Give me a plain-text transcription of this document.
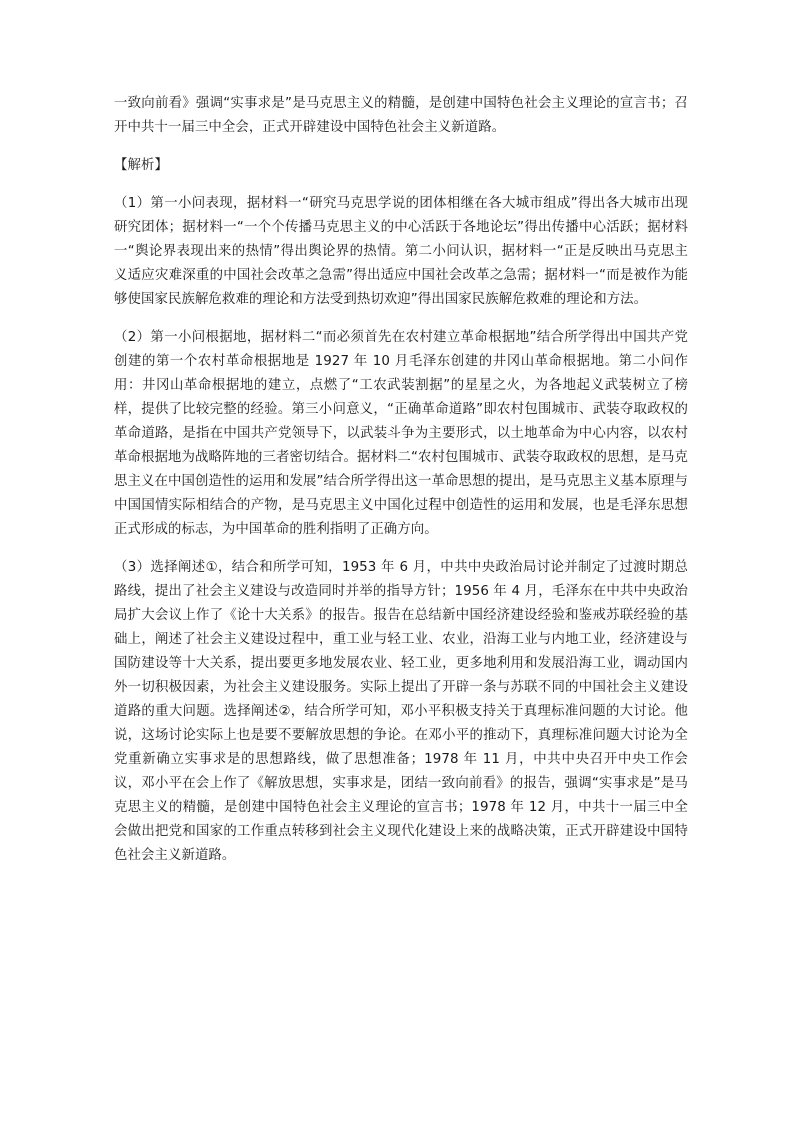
一致向前看》强调“实事求是”是马克思主义的精髓，是创建中国特色社会主义理论的宣言书；召开中共十一届三中全会，正式开辟建设中国特色社会主义新道路。

【解析】

（1）第一小问表现，据材料一“研究马克思学说的团体相继在各大城市组成”得出各大城市出现研究团体；据材料一“一个个传播马克思主义的中心活跃于各地论坛”得出传播中心活跃；据材料一“舆论界表现出来的热情”得出舆论界的热情。第二小问认识，据材料一“正是反映出马克思主义适应灾难深重的中国社会改革之急需”得出适应中国社会改革之急需；据材料一“而是被作为能够使国家民族解危救难的理论和方法受到热切欢迎”得出国家民族解危救难的理论和方法。

（2）第一小问根据地，据材料二“而必须首先在农村建立革命根据地”结合所学得出中国共产党创建的第一个农村革命根据地是 1927 年 10 月毛泽东创建的井冈山革命根据地。第二小问作用：井冈山革命根据地的建立，点燃了“工农武装割据”的星星之火，为各地起义武装树立了榜样，提供了比较完整的经验。第三小问意义，“正确革命道路”即农村包围城市、武装夺取政权的革命道路，是指在中国共产党领导下，以武装斗争为主要形式，以土地革命为中心内容，以农村革命根据地为战略阵地的三者密切结合。据材料二“农村包围城市、武装夺取政权的思想，是马克思主义在中国创造性的运用和发展”结合所学得出这一革命思想的提出，是马克思主义基本原理与中国国情实际相结合的产物，是马克思主义中国化过程中创造性的运用和发展，也是毛泽东思想正式形成的标志，为中国革命的胜利指明了正确方向。

（3）选择阐述①，结合和所学可知，1953 年 6 月，中共中央政治局讨论并制定了过渡时期总路线，提出了社会主义建设与改造同时并举的指导方针；1956 年 4 月，毛泽东在中共中央政治局扩大会议上作了《论十大关系》的报告。报告在总结新中国经济建设经验和鉴戒苏联经验的基础上，阐述了社会主义建设过程中，重工业与轻工业、农业，沿海工业与内地工业，经济建设与国防建设等十大关系，提出要更多地发展农业、轻工业，更多地利用和发展沿海工业，调动国内外一切积极因素，为社会主义建设服务。实际上提出了开辟一条与苏联不同的中国社会主义建设道路的重大问题。选择阐述②，结合所学可知，邓小平积极支持关于真理标准问题的大讨论。他说，这场讨论实际上也是要不要解放思想的争论。在邓小平的推动下，真理标准问题大讨论为全党重新确立实事求是的思想路线，做了思想准备；1978 年 11 月，中共中央召开中央工作会议，邓小平在会上作了《解放思想，实事求是，团结一致向前看》的报告，强调“实事求是”是马克思主义的精髓，是创建中国特色社会主义理论的宣言书；1978 年 12 月，中共十一届三中全会做出把党和国家的工作重点转移到社会主义现代化建设上来的战略决策，正式开辟建设中国特色社会主义新道路。
